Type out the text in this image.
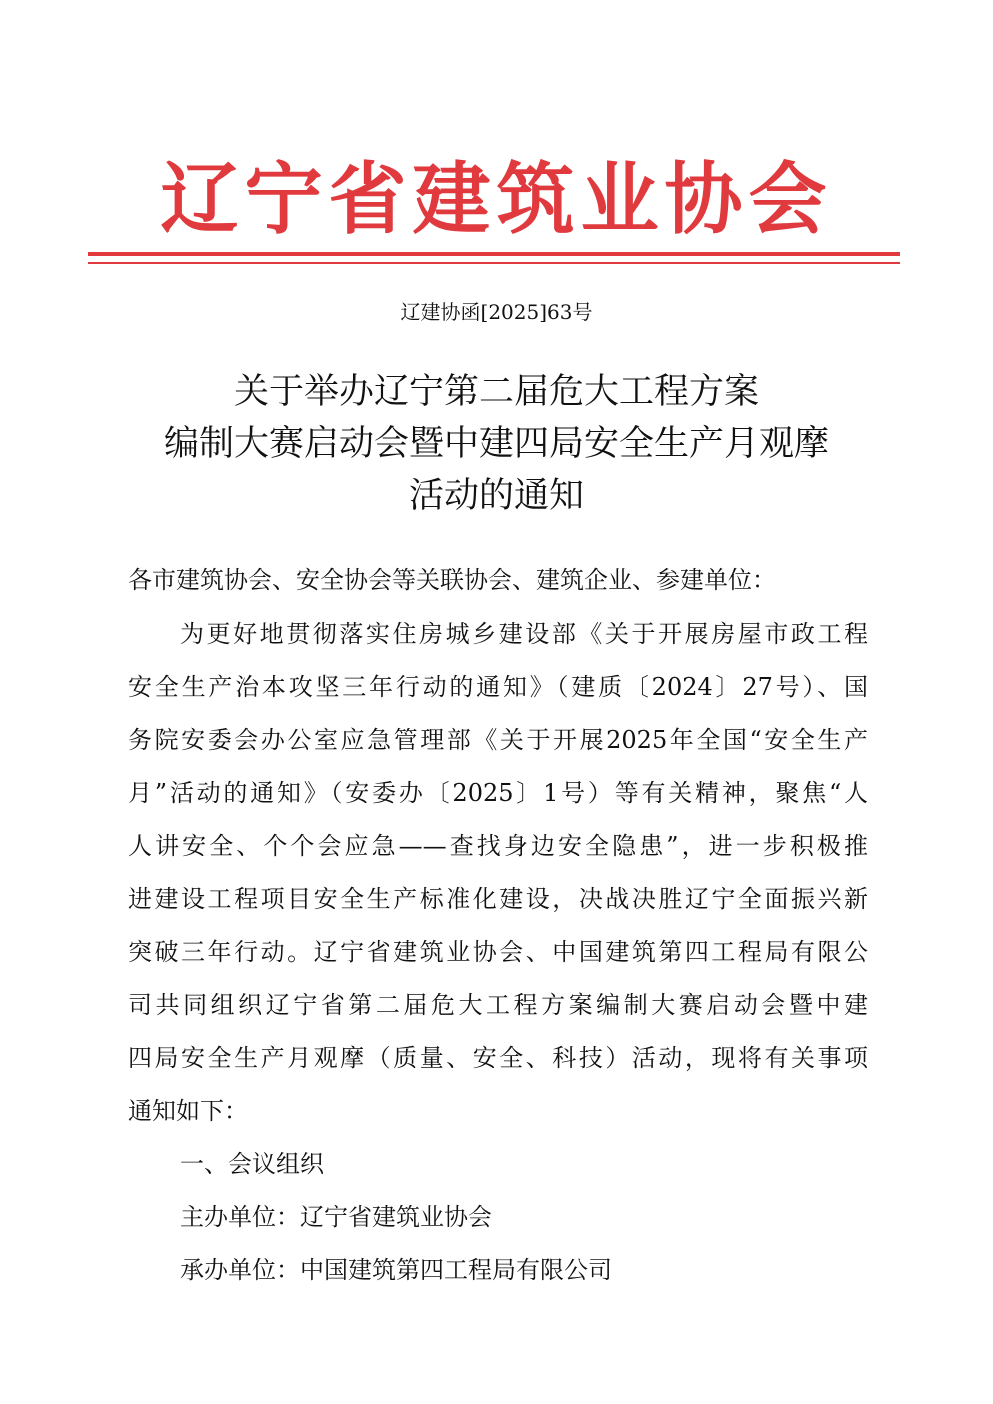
辽宁省建筑业协会
辽建协函[2025]63号
关于举办辽宁第二届危大工程方案
编制大赛启动会暨中建四局安全生产月观摩
活动的通知
各市建筑协会、安全协会等关联协会、建筑企业、参建单位：
为更好地贯彻落实住房城乡建设部《关于开展房屋市政工程
安全生产治本攻坚三年行动的通知》（建质〔2024〕27号）、国
务院安委会办公室应急管理部《关于开展2025年全国“安全生产
月”活动的通知》（安委办〔2025〕1号）等有关精神，聚焦“人
人讲安全、个个会应急——查找身边安全隐患”，进一步积极推
进建设工程项目安全生产标准化建设，决战决胜辽宁全面振兴新
突破三年行动。辽宁省建筑业协会、中国建筑第四工程局有限公
司共同组织辽宁省第二届危大工程方案编制大赛启动会暨中建
四局安全生产月观摩（质量、安全、科技）活动，现将有关事项
通知如下：
一、会议组织
主办单位：辽宁省建筑业协会
承办单位：中国建筑第四工程局有限公司
